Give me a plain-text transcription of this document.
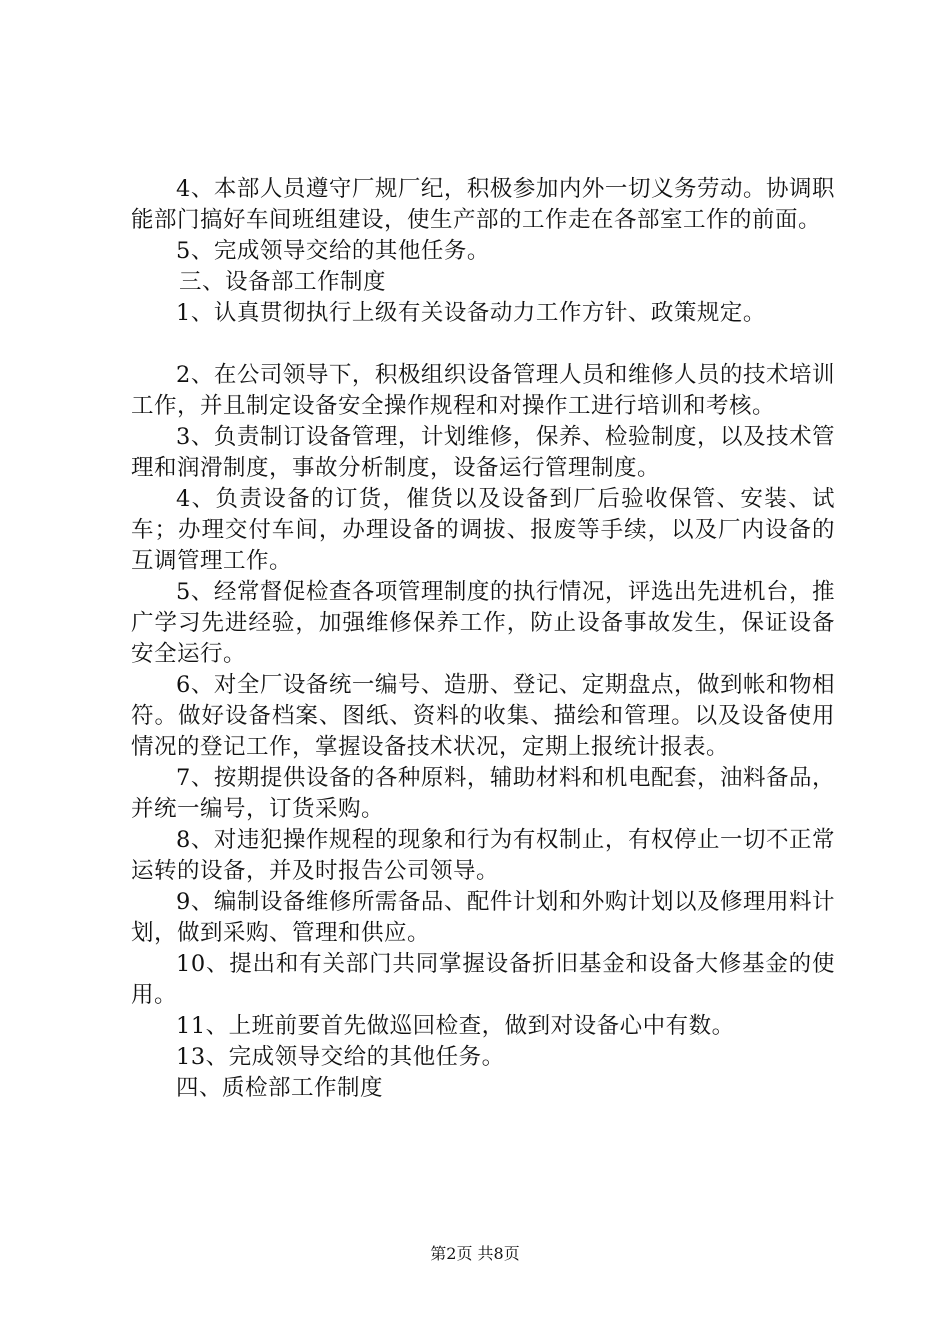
4、本部人员遵守厂规厂纪，积极参加内外一切义务劳动。协调职能部门搞好车间班组建设，使生产部的工作走在各部室工作的前面。

5、完成领导交给的其他任务。

三、设备部工作制度

1、认真贯彻执行上级有关设备动力工作方针、政策规定。

2、在公司领导下，积极组织设备管理人员和维修人员的技术培训工作，并且制定设备安全操作规程和对操作工进行培训和考核。

3、负责制订设备管理，计划维修，保养、检验制度，以及技术管理和润滑制度，事故分析制度，设备运行管理制度。

4、负责设备的订货，催货以及设备到厂后验收保管、安装、试车；办理交付车间，办理设备的调拔、报废等手续，以及厂内设备的互调管理工作。

5、经常督促检查各项管理制度的执行情况，评选出先进机台，推广学习先进经验，加强维修保养工作，防止设备事故发生，保证设备安全运行。

6、对全厂设备统一编号、造册、登记、定期盘点，做到帐和物相符。做好设备档案、图纸、资料的收集、描绘和管理。以及设备使用情况的登记工作，掌握设备技术状况，定期上报统计报表。

7、按期提供设备的各种原料，辅助材料和机电配套，油料备品，并统一编号，订货采购。

8、对违犯操作规程的现象和行为有权制止，有权停止一切不正常运转的设备，并及时报告公司领导。

9、编制设备维修所需备品、配件计划和外购计划以及修理用料计划，做到采购、管理和供应。

10、提出和有关部门共同掌握设备折旧基金和设备大修基金的使用。

11、上班前要首先做巡回检查，做到对设备心中有数。

13、完成领导交给的其他任务。

四、质检部工作制度

第2页 共8页
